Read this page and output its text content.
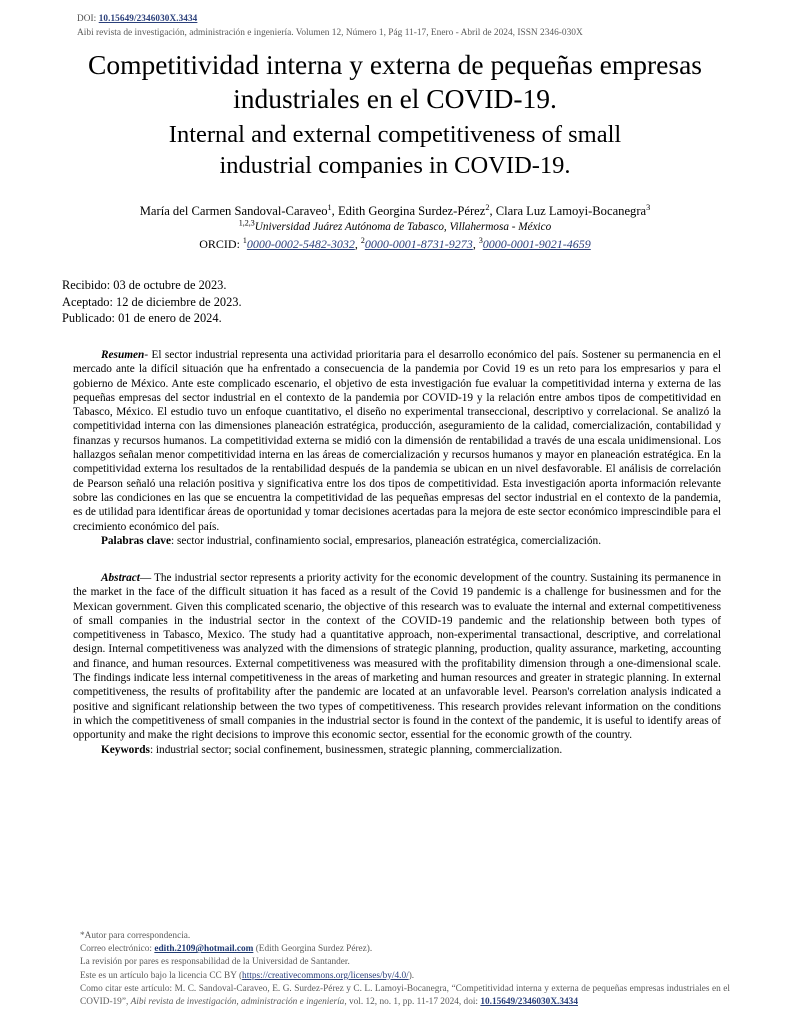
DOI: 10.15649/2346030X.3434
Aibi revista de investigación, administración e ingeniería. Volumen 12, Número 1, Pág 11-17, Enero - Abril de 2024, ISSN 2346-030X
Competitividad interna y externa de pequeñas empresas
industriales en el COVID-19.
Internal and external competitiveness of small
industrial companies in COVID-19.
María del Carmen Sandoval-Caraveo$^1$, Edith Georgina Surdez-Pérez$^2$, Clara Luz Lamoyi-Bocanegra$^3$
$^{1,2,3}$Universidad Juárez Autónoma de Tabasco, Villahermosa - México
ORCID: $^1$0000-0002-5482-3032, $^2$0000-0001-8731-9273, $^3$0000-0001-9021-4659
Recibido: 03 de octubre de 2023.
Aceptado: 12 de diciembre de 2023.
Publicado: 01 de enero de 2024.

Resumen- El sector industrial representa una actividad prioritaria para el desarrollo económico del país. Sostener su permanencia en el mercado ante la difícil situación que ha enfrentado a consecuencia de la pandemia por Covid 19 es un reto para los empresarios y para el gobierno de México. Ante este complicado escenario, el objetivo de esta investigación fue evaluar la competitividad interna y externa de las pequeñas empresas del sector industrial en el contexto de la pandemia por COVID-19 y la relación entre ambos tipos de competitividad en Tabasco, México. El estudio tuvo un enfoque cuantitativo, el diseño no experimental transeccional, descriptivo y correlacional. Se analizó la competitividad interna con las dimensiones planeación estratégica, producción, aseguramiento de la calidad, comercialización, contabilidad y finanzas y recursos humanos. La competitividad externa se midió con la dimensión de rentabilidad a través de una escala unidimensional. Los hallazgos señalan menor competitividad interna en las áreas de comercialización y recursos humanos y mayor en planeación estratégica. En la competitividad externa los resultados de la rentabilidad después de la pandemia se ubican en un nivel desfavorable. El análisis de correlación de Pearson señaló una relación positiva y significativa entre los dos tipos de competitividad. Esta investigación aporta información relevante sobre las condiciones en las que se encuentra la competitividad de las pequeñas empresas del sector industrial en el contexto de la pandemia, es de utilidad para identificar áreas de oportunidad y tomar decisiones acertadas para la mejora de este sector económico imprescindible para el crecimiento económico del país.

Palabras clave: sector industrial, confinamiento social, empresarios, planeación estratégica, comercialización.

Abstract— The industrial sector represents a priority activity for the economic development of the country. Sustaining its permanence in the market in the face of the difficult situation it has faced as a result of the Covid 19 pandemic is a challenge for businessmen and for the Mexican government. Given this complicated scenario, the objective of this research was to evaluate the internal and external competitiveness of small companies in the industrial sector in the context of the COVID-19 pandemic and the relationship between both types of competitiveness in Tabasco, Mexico. The study had a quantitative approach, non-experimental transactional, descriptive, and correlational design. Internal competitiveness was analyzed with the dimensions of strategic planning, production, quality assurance, marketing, accounting and finance, and human resources. External competitiveness was measured with the profitability dimension through a one-dimensional scale. The findings indicate less internal competitiveness in the areas of marketing and human resources and greater in strategic planning. In external competitiveness, the results of profitability after the pandemic are located at an unfavorable level. Pearson's correlation analysis indicated a positive and significant relationship between the two types of competitiveness. This research provides relevant information on the conditions in which the competitiveness of small companies in the industrial sector is found in the context of the pandemic, it is useful to identify areas of opportunity and make the right decisions to improve this economic sector, essential for the economic growth of the country.

Keywords: industrial sector; social confinement, businessmen, strategic planning, commercialization.

*Autor para correspondencia.
Correo electrónico: edith.2109@hotmail.com (Edith Georgina Surdez Pérez).
La revisión por pares es responsabilidad de la Universidad de Santander.
Este es un artículo bajo la licencia CC BY (https://creativecommons.org/licenses/by/4.0/).
Como citar este artículo: M. C. Sandoval-Caraveo, E. G. Surdez-Pérez y C. L. Lamoyi-Bocanegra, “Competitividad interna y externa de pequeñas empresas industriales en el COVID-19”, Aibi revista de investigación, administración e ingeniería, vol. 12, no. 1, pp. 11-17 2024, doi: 10.15649/2346030X.3434
